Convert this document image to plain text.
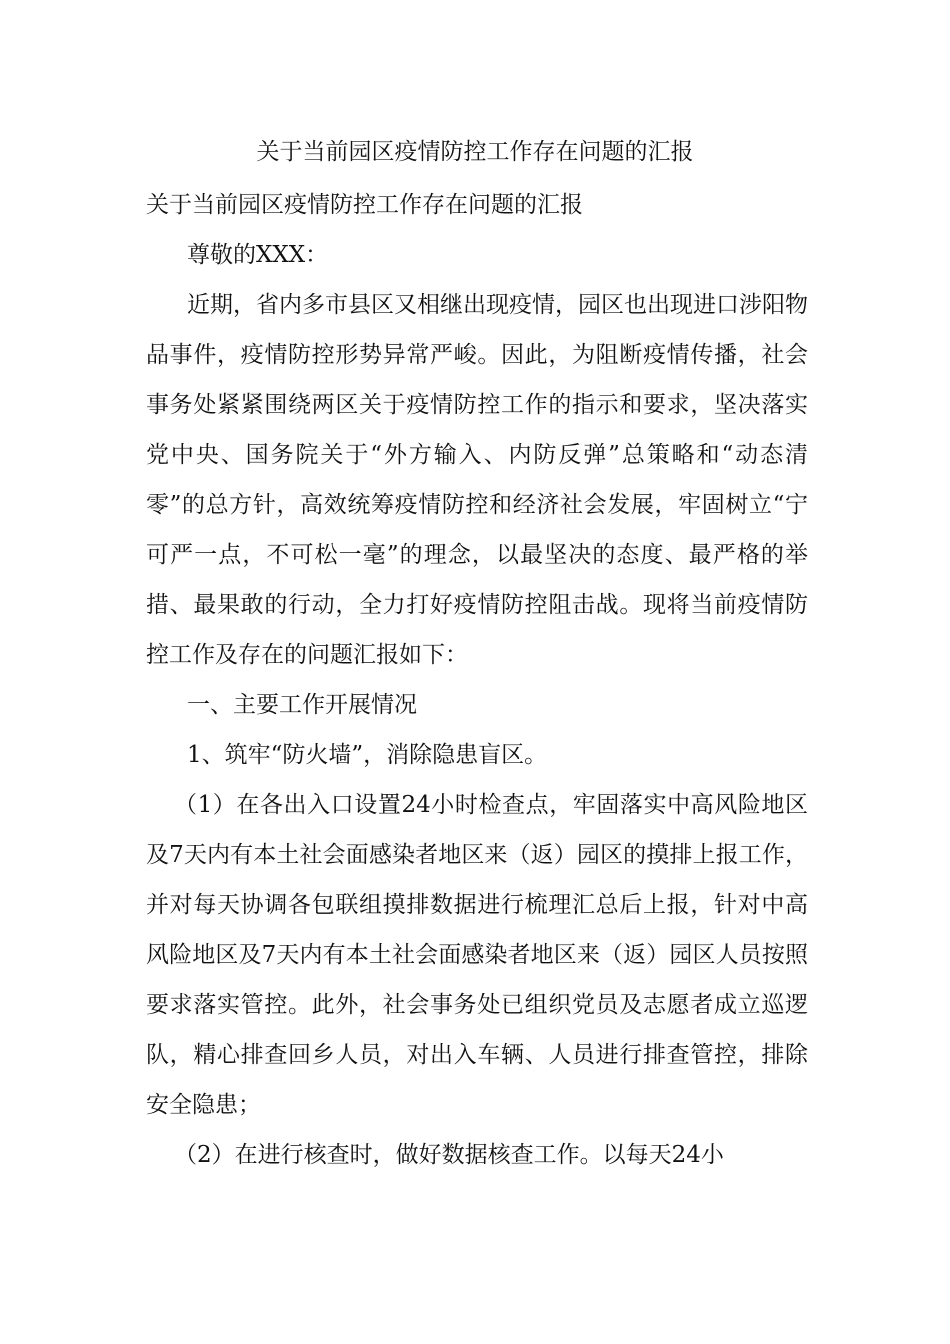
关于当前园区疫情防控工作存在问题的汇报

关于当前园区疫情防控工作存在问题的汇报

尊敬的XXX：

近期，省内多市县区又相继出现疫情，园区也出现进口涉阳物品事件，疫情防控形势异常严峻。因此，为阻断疫情传播，社会事务处紧紧围绕两区关于疫情防控工作的指示和要求，坚决落实党中央、国务院关于“外方输入、内防反弹”总策略和“动态清零”的总方针，高效统筹疫情防控和经济社会发展，牢固树立“宁可严一点，不可松一毫”的理念，以最坚决的态度、最严格的举措、最果敢的行动，全力打好疫情防控阻击战。现将当前疫情防控工作及存在的问题汇报如下：

一、主要工作开展情况

1、筑牢“防火墙”，消除隐患盲区。

（1）在各出入口设置24小时检查点，牢固落实中高风险地区及7天内有本土社会面感染者地区来（返）园区的摸排上报工作，并对每天协调各包联组摸排数据进行梳理汇总后上报，针对中高风险地区及7天内有本土社会面感染者地区来（返）园区人员按照要求落实管控。此外，社会事务处已组织党员及志愿者成立巡逻队，精心排查回乡人员，对出入车辆、人员进行排查管控，排除安全隐患；

（2）在进行核查时，做好数据核查工作。以每天24小
